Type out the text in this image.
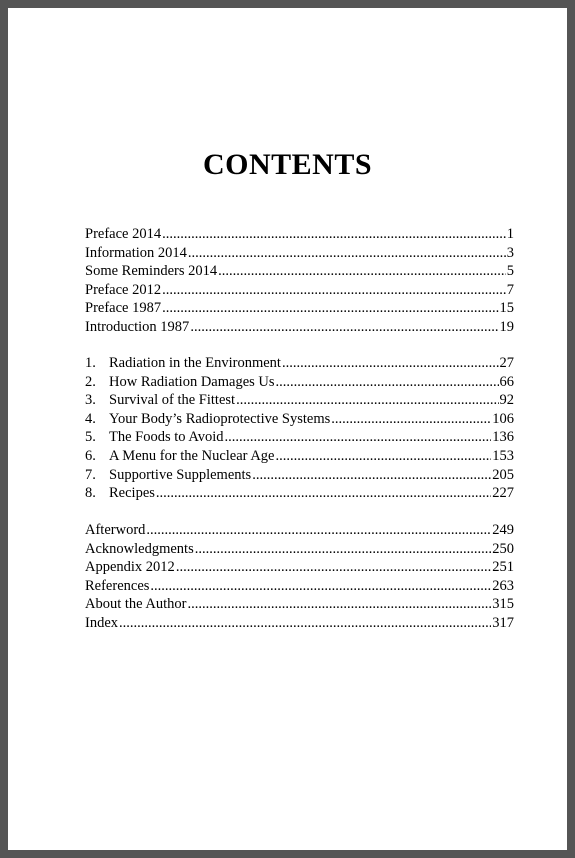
CONTENTS
Preface 2014 .....	1
Information 2014 .....	3
Some Reminders 2014 .....	5
Preface 2012 .....	7
Preface 1987 .....	15
Introduction 1987 .....	19
1. Radiation in the Environment .....	27
2. How Radiation Damages Us .....	66
3. Survival of the Fittest .....	92
4. Your Body’s Radioprotective Systems .....	106
5. The Foods to Avoid .....	136
6. A Menu for the Nuclear Age .....	153
7. Supportive Supplements .....	205
8. Recipes .....	227
Afterword .....	249
Acknowledgments .....	250
Appendix 2012 .....	251
References .....	263
About the Author .....	315
Index .....	317
